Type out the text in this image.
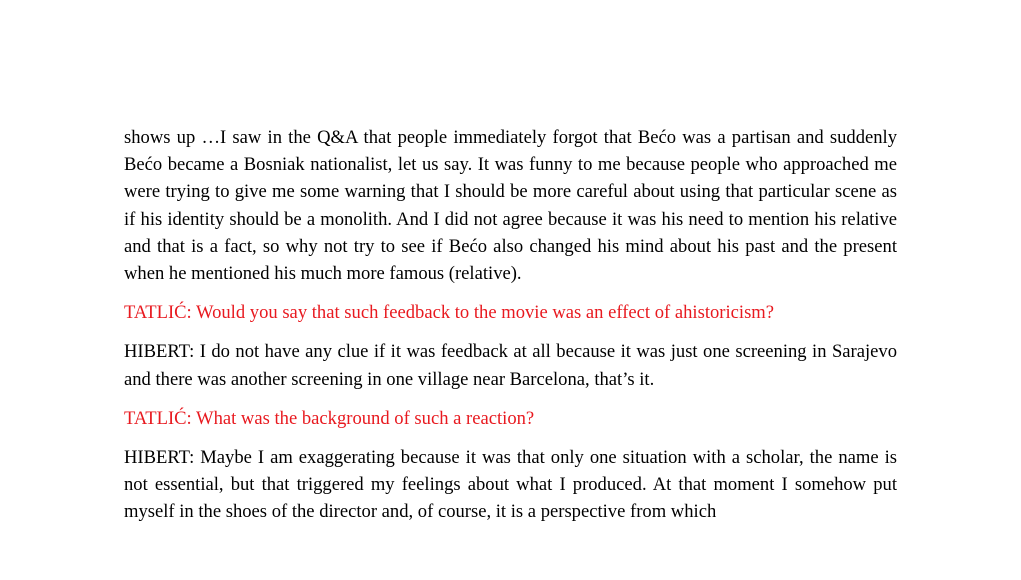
shows up …I saw in the Q&A that people immediately forgot that Bećo was a partisan and suddenly Bećo became a Bosniak nationalist, let us say. It was funny to me because people who approached me were trying to give me some warning that I should be more careful about using that particular scene as if his identity should be a monolith. And I did not agree because it was his need to mention his relative and that is a fact, so why not try to see if Bećo also changed his mind about his past and the present when he mentioned his much more famous (relative).

TATLIĆ: Would you say that such feedback to the movie was an effect of ahistoricism?

HIBERT: I do not have any clue if it was feedback at all because it was just one screening in Sarajevo and there was another screening in one village near Barcelona, that’s it.

TATLIĆ: What was the background of such a reaction?

HIBERT: Maybe I am exaggerating because it was that only one situation with a scholar, the name is not essential, but that triggered my feelings about what I produced. At that moment I somehow put myself in the shoes of the director and, of course, it is a perspective from which
